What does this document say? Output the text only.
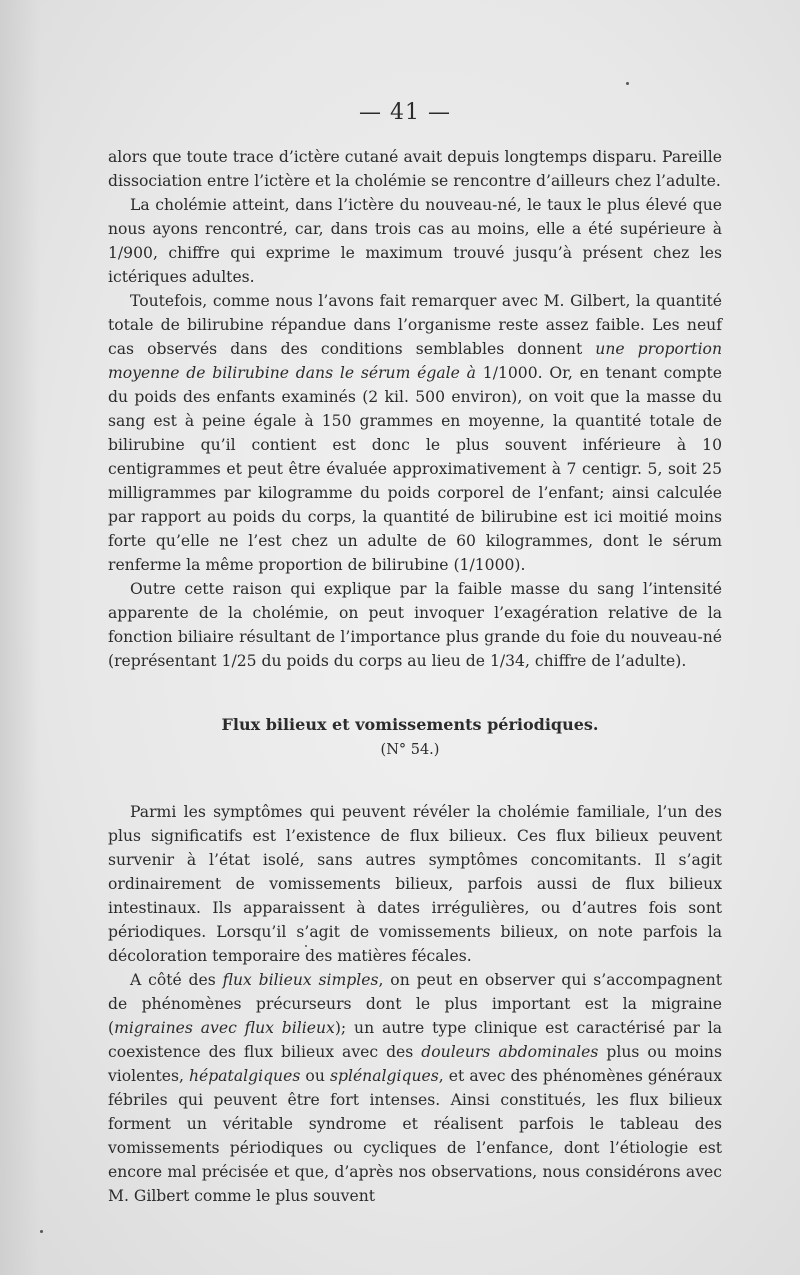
— 41 —

alors que toute trace d’ictère cutané avait depuis longtemps disparu. Pareille dissociation entre l’ictère et la cholémie se rencontre d’ailleurs chez l’adulte.

La cholémie atteint, dans l’ictère du nouveau-né, le taux le plus élevé que nous ayons rencontré, car, dans trois cas au moins, elle a été supérieure à 1/900, chiffre qui exprime le maximum trouvé jusqu’à présent chez les ictériques adultes.

Toutefois, comme nous l’avons fait remarquer avec M. Gilbert, la quantité totale de bilirubine répandue dans l’organisme reste assez faible. Les neuf cas observés dans des conditions semblables donnent une proportion moyenne de bilirubine dans le sérum égale à 1/1000. Or, en tenant compte du poids des enfants examinés (2 kil. 500 environ), on voit que la masse du sang est à peine égale à 150 grammes en moyenne, la quantité totale de bilirubine qu’il contient est donc le plus souvent inférieure à 10 centigrammes et peut être évaluée approximativement à 7 centigr. 5, soit 25 milligrammes par kilogramme du poids corporel de l’enfant; ainsi calculée par rapport au poids du corps, la quantité de bilirubine est ici moitié moins forte qu’elle ne l’est chez un adulte de 60 kilogrammes, dont le sérum renferme la même proportion de bilirubine (1/1000).

Outre cette raison qui explique par la faible masse du sang l’intensité apparente de la cholémie, on peut invoquer l’exagération relative de la fonction biliaire résultant de l’importance plus grande du foie du nouveau-né (représentant 1/25 du poids du corps au lieu de 1/34, chiffre de l’adulte).

Flux bilieux et vomissements périodiques.

(N° 54.)

Parmi les symptômes qui peuvent révéler la cholémie familiale, l’un des plus significatifs est l’existence de flux bilieux. Ces flux bilieux peuvent survenir à l’état isolé, sans autres symptômes concomitants. Il s’agit ordinairement de vomissements bilieux, parfois aussi de flux bilieux intestinaux. Ils apparaissent à dates irrégulières, ou d’autres fois sont périodiques. Lorsqu’il s’agit de vomissements bilieux, on note parfois la décoloration temporaire des matières fécales.

A côté des flux bilieux simples, on peut en observer qui s’accompagnent de phénomènes précurseurs dont le plus important est la migraine (migraines avec flux bilieux); un autre type clinique est caractérisé par la coexistence des flux bilieux avec des douleurs abdominales plus ou moins violentes, hépatalgiques ou splénalgiques, et avec des phénomènes généraux fébriles qui peuvent être fort intenses. Ainsi constitués, les flux bilieux forment un véritable syndrome et réalisent parfois le tableau des vomissements périodiques ou cycliques de l’enfance, dont l’étiologie est encore mal précisée et que, d’après nos observations, nous considérons avec M. Gilbert comme le plus souvent
